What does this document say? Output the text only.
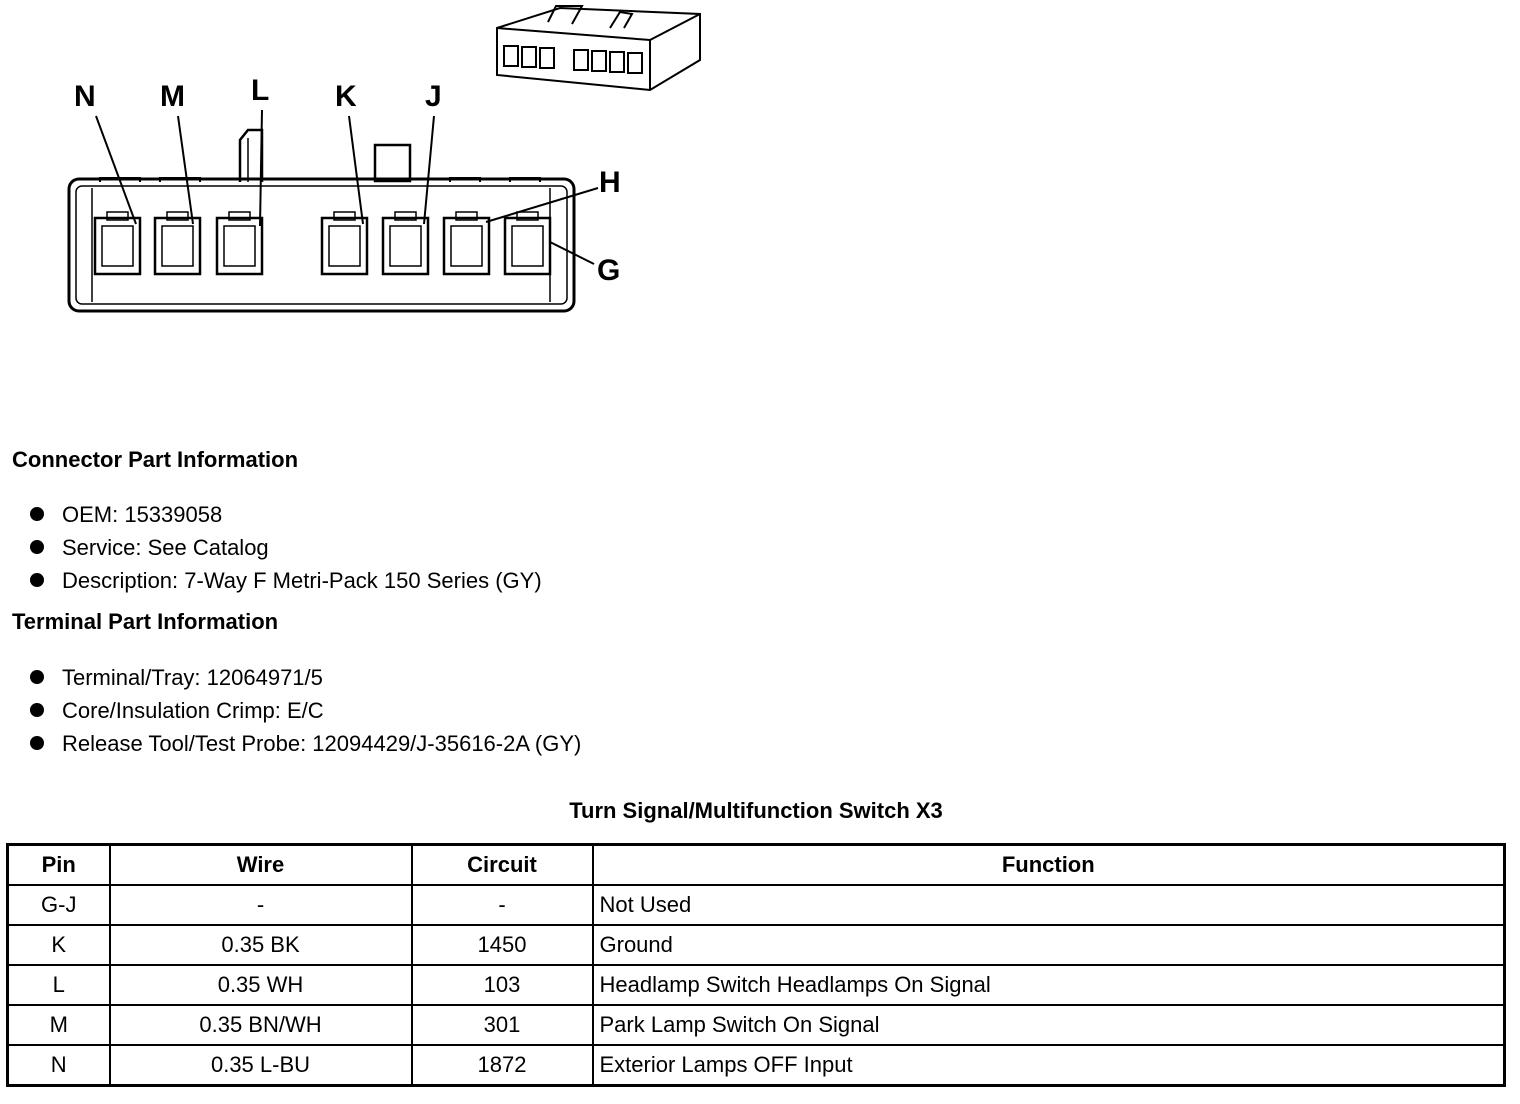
N M L K J
H
G
Connector Part Information
OEM: 15339058
Service: See Catalog
Description: 7-Way F Metri-Pack 150 Series (GY)
Terminal Part Information
Terminal/Tray: 12064971/5
Core/Insulation Crimp: E/C
Release Tool/Test Probe: 12094429/J-35616-2A (GY)
Turn Signal/Multifunction Switch X3
Pin	Wire	Circuit	Function
G-J	-	-	Not Used
K	0.35 BK	1450	Ground
L	0.35 WH	103	Headlamp Switch Headlamps On Signal
M	0.35 BN/WH	301	Park Lamp Switch On Signal
N	0.35 L-BU	1872	Exterior Lamps OFF Input
